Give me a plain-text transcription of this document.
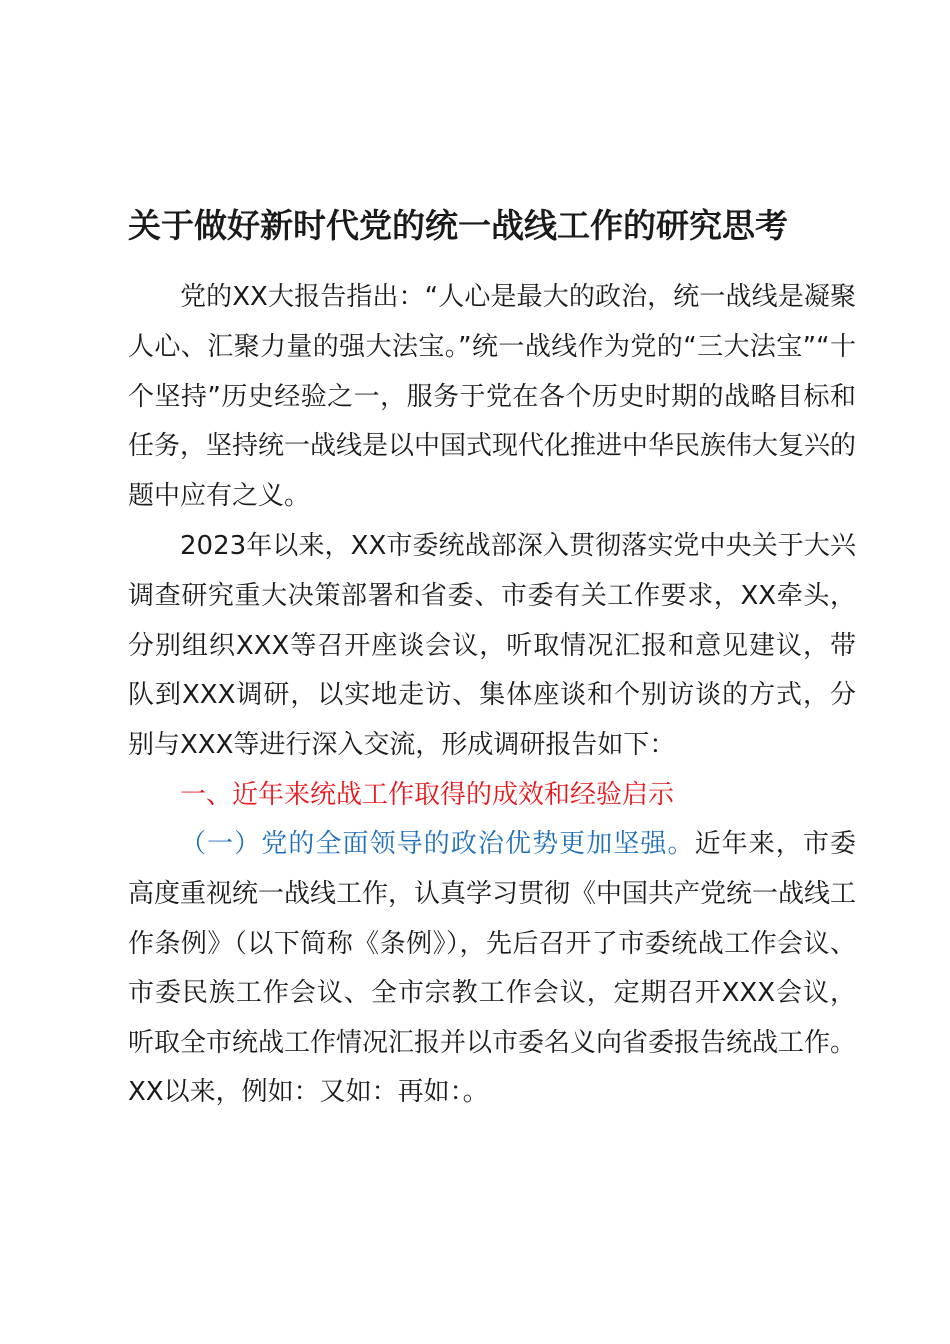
关于做好新时代党的统一战线工作的研究思考

党的XX大报告指出：“人心是最大的政治，统一战线是凝聚人心、汇聚力量的强大法宝。”统一战线作为党的“三大法宝”“十个坚持”历史经验之一，服务于党在各个历史时期的战略目标和任务，坚持统一战线是以中国式现代化推进中华民族伟大复兴的题中应有之义。

2023年以来，XX市委统战部深入贯彻落实党中央关于大兴调查研究重大决策部署和省委、市委有关工作要求，XX牵头，分别组织XXX等召开座谈会议，听取情况汇报和意见建议，带队到XXX调研，以实地走访、集体座谈和个别访谈的方式，分别与XXX等进行深入交流，形成调研报告如下：

一、近年来统战工作取得的成效和经验启示

（一）党的全面领导的政治优势更加坚强。近年来，市委高度重视统一战线工作，认真学习贯彻《中国共产党统一战线工作条例》（以下简称《条例》），先后召开了市委统战工作会议、市委民族工作会议、全市宗教工作会议，定期召开XXX会议，听取全市统战工作情况汇报并以市委名义向省委报告统战工作。

XX以来，例如：又如：再如：。
